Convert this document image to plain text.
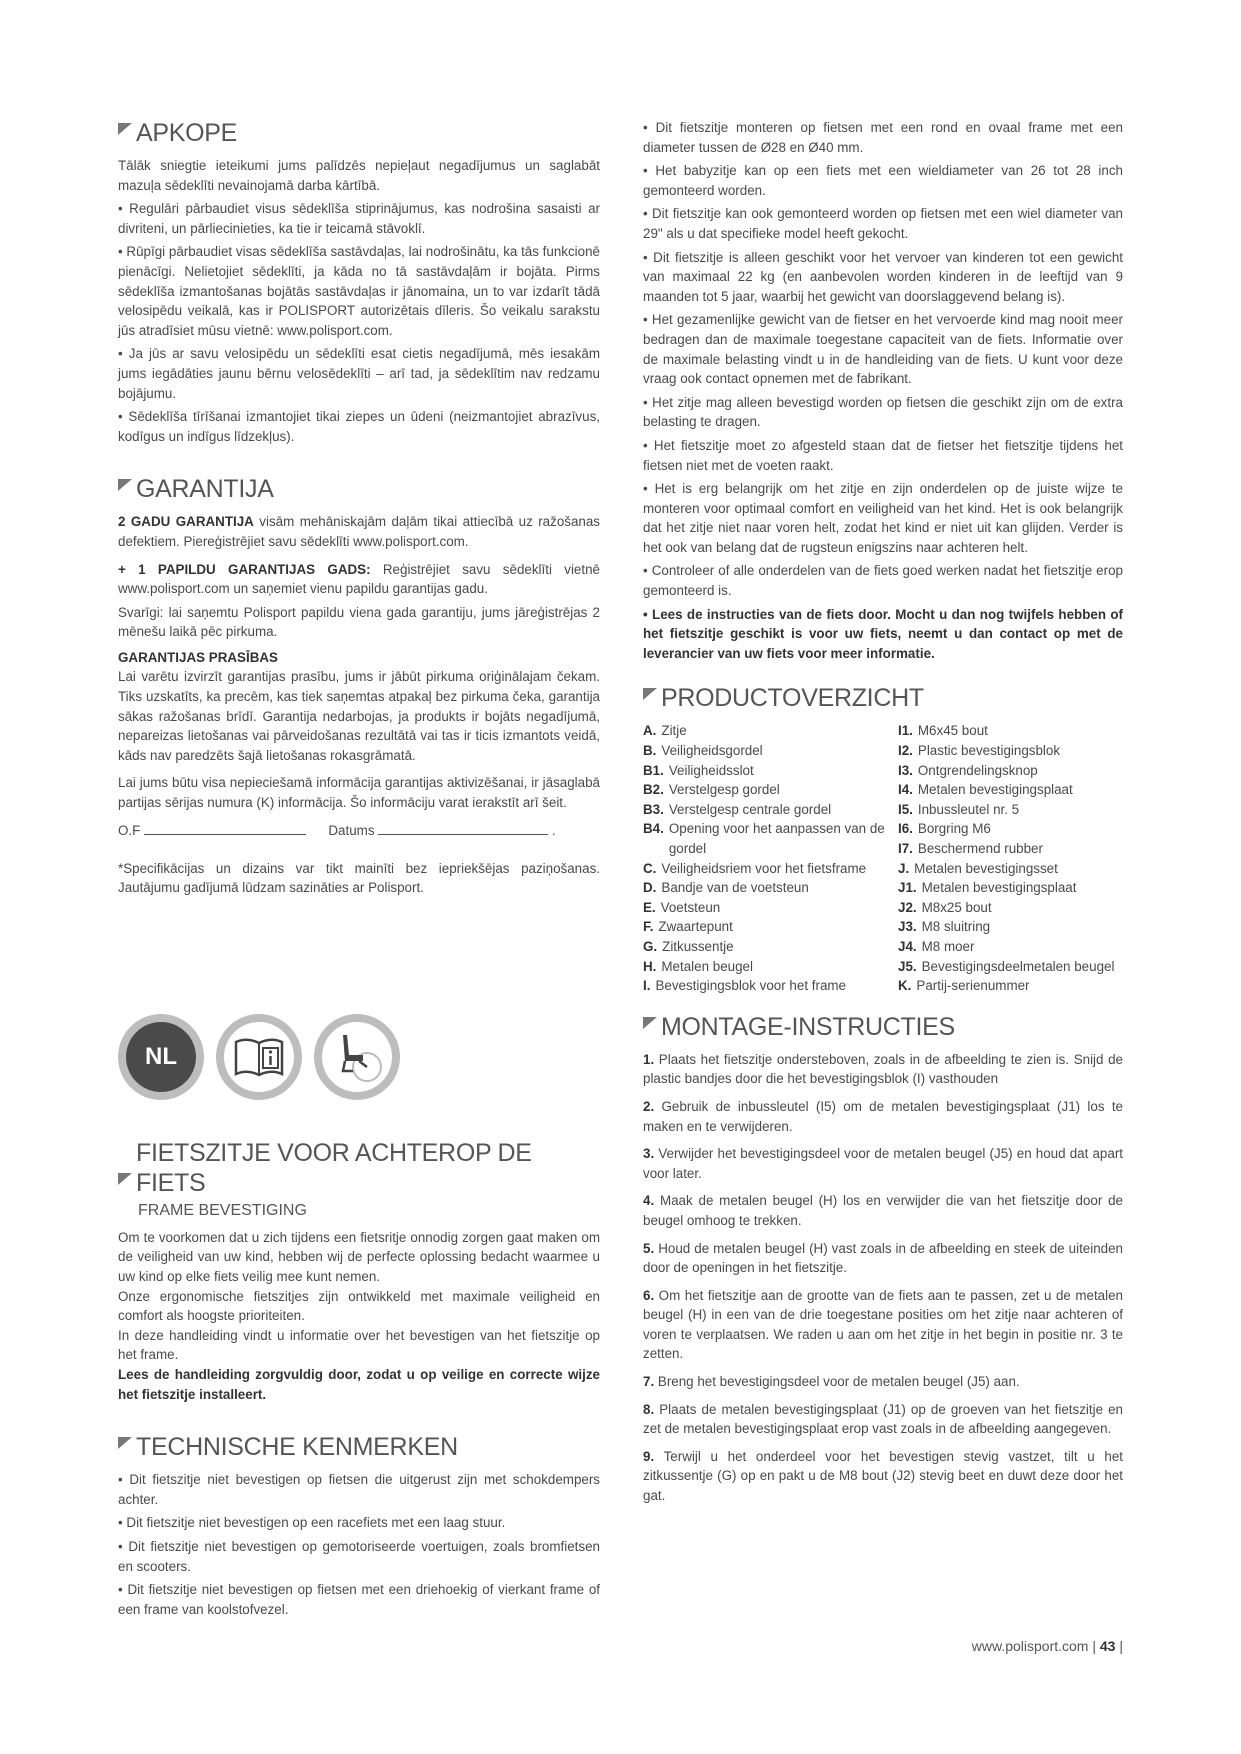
APKOPE

Tālāk sniegtie ieteikumi jums palīdzēs nepieļaut negadījumus un saglabāt mazuļa sēdeklīti nevainojamā darba kārtībā.

• Regulāri pārbaudiet visus sēdeklīša stiprinājumus, kas nodrošina sasaisti ar divriteni, un pārliecinieties, ka tie ir teicamā stāvoklī.

• Rūpīgi pārbaudiet visas sēdeklīša sastāvdaļas, lai nodrošinātu, ka tās funkcionē pienācīgi. Nelietojiet sēdeklīti, ja kāda no tā sastāvdaļām ir bojāta. Pirms sēdeklīša izmantošanas bojātās sastāvdaļas ir jānomaina, un to var izdarīt tādā velosipēdu veikalā, kas ir POLISPORT autorizētais dīleris. Šo veikalu sarakstu jūs atradīsiet mūsu vietnē: www.polisport.com.

• Ja jūs ar savu velosipēdu un sēdeklīti esat cietis negadījumā, mēs iesakām jums iegādāties jaunu bērnu velosēdeklīti – arī tad, ja sēdeklītim nav redzamu bojājumu.

• Sēdeklīša tīrīšanai izmantojiet tikai ziepes un ūdeni (neizmantojiet abrazīvus, kodīgus un indīgus līdzekļus).

GARANTIJA

2 GADU GARANTIJA visām mehāniskajām daļām tikai attiecībā uz ražošanas defektiem. Piereģistrējiet savu sēdeklīti www.polisport.com.

+ 1 PAPILDU GARANTIJAS GADS: Reģistrējiet savu sēdeklīti vietnē www.polisport.com un saņemiet vienu papildu garantijas gadu.

Svarīgi: lai saņemtu Polisport papildu viena gada garantiju, jums jāreģistrējas 2 mēnešu laikā pēc pirkuma.

GARANTIJAS PRASĪBAS

Lai varētu izvirzīt garantijas prasību, jums ir jābūt pirkuma oriģinālajam čekam. Tiks uzskatīts, ka precēm, kas tiek saņemtas atpakaļ bez pirkuma čeka, garantija sākas ražošanas brīdī. Garantija nedarbojas, ja produkts ir bojāts negadījumā, nepareizas lietošanas vai pārveidošanas rezultātā vai tas ir ticis izmantots veidā, kāds nav paredzēts šajā lietošanas rokasgrāmatā.

Lai jums būtu visa nepieciešamā informācija garantijas aktivizēšanai, ir jāsaglabā partijas sērijas numura (K) informācija. Šo informāciju varat ierakstīt arī šeit.

O.F	Datums	.

*Specifikācijas un dizains var tikt mainīti bez iepriekšējas paziņošanas. Jautājumu gadījumā lūdzam sazināties ar Polisport.

NL
FIETSZITJE VOOR ACHTEROP DE FIETS
FRAME BEVESTIGING

Om te voorkomen dat u zich tijdens een fietsritje onnodig zorgen gaat maken om de veiligheid van uw kind, hebben wij de perfecte oplossing bedacht waarmee u uw kind op elke fiets veilig mee kunt nemen.

Onze ergonomische fietszitjes zijn ontwikkeld met maximale veiligheid en comfort als hoogste prioriteiten.

In deze handleiding vindt u informatie over het bevestigen van het fietszitje op het frame.

Lees de handleiding zorgvuldig door, zodat u op veilige en correcte wijze het fietszitje installeert.

TECHNISCHE KENMERKEN

• Dit fietszitje niet bevestigen op fietsen die uitgerust zijn met schokdempers achter.

• Dit fietszitje niet bevestigen op een racefiets met een laag stuur.

• Dit fietszitje niet bevestigen op gemotoriseerde voertuigen, zoals bromfietsen en scooters.

• Dit fietszitje niet bevestigen op fietsen met een driehoekig of vierkant frame of een frame van koolstofvezel.

• Dit fietszitje monteren op fietsen met een rond en ovaal frame met een diameter tussen de Ø28 en Ø40 mm.

• Het babyzitje kan op een fiets met een wieldiameter van 26 tot 28 inch gemonteerd worden.

• Dit fietszitje kan ook gemonteerd worden op fietsen met een wiel diameter van 29" als u dat specifieke model heeft gekocht.

• Dit fietszitje is alleen geschikt voor het vervoer van kinderen tot een gewicht van maximaal 22 kg (en aanbevolen worden kinderen in de leeftijd van 9 maanden tot 5 jaar, waarbij het gewicht van doorslaggevend belang is).

• Het gezamenlijke gewicht van de fietser en het vervoerde kind mag nooit meer bedragen dan de maximale toegestane capaciteit van de fiets. Informatie over de maximale belasting vindt u in de handleiding van de fiets. U kunt voor deze vraag ook contact opnemen met de fabrikant.

• Het zitje mag alleen bevestigd worden op fietsen die geschikt zijn om de extra belasting te dragen.

• Het fietszitje moet zo afgesteld staan dat de fietser het fietszitje tijdens het fietsen niet met de voeten raakt.

• Het is erg belangrijk om het zitje en zijn onderdelen op de juiste wijze te monteren voor optimaal comfort en veiligheid van het kind. Het is ook belangrijk dat het zitje niet naar voren helt, zodat het kind er niet uit kan glijden. Verder is het ook van belang dat de rugsteun enigszins naar achteren helt.

• Controleer of alle onderdelen van de fiets goed werken nadat het fietszitje erop gemonteerd is.

• Lees de instructies van de fiets door. Mocht u dan nog twijfels hebben of het fietszitje geschikt is voor uw fiets, neemt u dan contact op met de leverancier van uw fiets voor meer informatie.

PRODUCTOVERZICHT
A. Zitje
B. Veiligheidsgordel
B1. Veiligheidsslot
B2. Verstelgesp gordel
B3. Verstelgesp centrale gordel
B4. Opening voor het aanpassen van de gordel
C. Veiligheidsriem voor het fietsframe
D. Bandje van de voetsteun
E. Voetsteun
F. Zwaartepunt
G. Zitkussentje
H. Metalen beugel
I. Bevestigingsblok voor het frame
I1. M6x45 bout
I2. Plastic bevestigingsblok
I3. Ontgrendelingsknop
I4. Metalen bevestigingsplaat
I5. Inbussleutel nr. 5
I6. Borgring M6
I7. Beschermend rubber
J. Metalen bevestigingsset
J1. Metalen bevestigingsplaat
J2. M8x25 bout
J3. M8 sluitring
J4. M8 moer
J5. Bevestigingsdeelmetalen beugel
K. Partij-serienummer
MONTAGE-INSTRUCTIES

1. Plaats het fietszitje ondersteboven, zoals in de afbeelding te zien is. Snijd de plastic bandjes door die het bevestigingsblok (I) vasthouden

2. Gebruik de inbussleutel (I5) om de metalen bevestigingsplaat (J1) los te maken en te verwijderen.

3. Verwijder het bevestigingsdeel voor de metalen beugel (J5) en houd dat apart voor later.

4. Maak de metalen beugel (H) los en verwijder die van het fietszitje door de beugel omhoog te trekken.

5. Houd de metalen beugel (H) vast zoals in de afbeelding en steek de uiteinden door de openingen in het fietszitje.

6. Om het fietszitje aan de grootte van de fiets aan te passen, zet u de metalen beugel (H) in een van de drie toegestane posities om het zitje naar achteren of voren te verplaatsen. We raden u aan om het zitje in het begin in positie nr. 3 te zetten.

7. Breng het bevestigingsdeel voor de metalen beugel (J5) aan.

8. Plaats de metalen bevestigingsplaat (J1) op de groeven van het fietszitje en zet de metalen bevestigingsplaat erop vast zoals in de afbeelding aangegeven.

9. Terwijl u het onderdeel voor het bevestigen stevig vastzet, tilt u het zitkussentje (G) op en pakt u de M8 bout (J2) stevig beet en duwt deze door het gat.

www.polisport.com | 43 |
